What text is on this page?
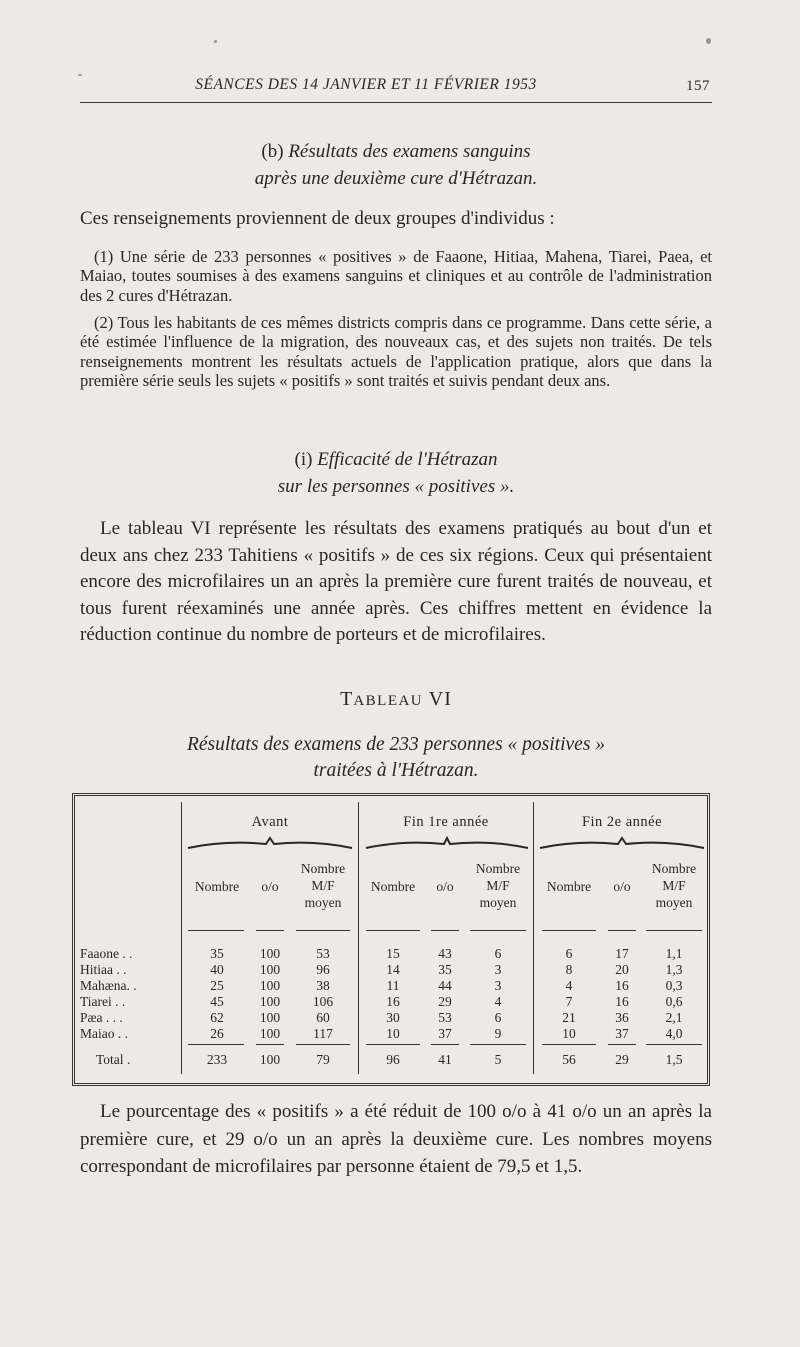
SÉANCES DES 14 JANVIER ET 11 FÉVRIER 1953	157
(b) Résultats des examens sanguins
après une deuxième cure d'Hétrazan.
Ces renseignements proviennent de deux groupes d'individus :
(1) Une série de 233 personnes « positives » de Faaone, Hitiaa, Mahena, Tiarei, Paea, et Maiao, toutes soumises à des examens sanguins et cliniques et au contrôle de l'administration des 2 cures d'Hétrazan.
(2) Tous les habitants de ces mêmes districts compris dans ce programme. Dans cette série, a été estimée l'influence de la migration, des nouveaux cas, et des sujets non traités. De tels renseignements montrent les résultats actuels de l'application pratique, alors que dans la première série seuls les sujets « positifs » sont traités et suivis pendant deux ans.
(i) Efficacité de l'Hétrazan
sur les personnes « positives ».
Le tableau VI représente les résultats des examens pratiqués au bout d'un et deux ans chez 233 Tahitiens « positifs » de ces six régions. Ceux qui présentaient encore des microfilaires un an après la première cure furent traités de nouveau, et tous furent réexaminés une année après. Ces chiffres mettent en évidence la réduction continue du nombre de porteurs et de microfilaires.
TABLEAU VI
Résultats des examens de 233 personnes « positives »
traitées à l'Hétrazan.
Avant	Fin 1re année	Fin 2e année
Nombre	o/o
Nombre
M/F
moyen
Nombre	o/o
Nombre
M/F
moyen
Nombre	o/o
Nombre
M/F
moyen
Faaone . .	35	100	53	15	43	6	6	17	1,1
Hitiaa . .	40	100	96	14	35	3	8	20	1,3
Mahæna. .	25	100	38	11	44	3	4	16	0,3
Tiarei . .	45	100	106	16	29	4	7	16	0,6
Pæa . . .	62	100	60	30	53	6	21	36	2,1
Maiao . .	26	100	117	10	37	9	10	37	4,0
Total .	233	100	79	96	41	5	56	29	1,5
Le pourcentage des « positifs » a été réduit de 100 o/o à 41 o/o un an après la première cure, et 29 o/o un an après la deuxième cure. Les nombres moyens correspondant de microfilaires par personne étaient de 79,5 et 1,5.
